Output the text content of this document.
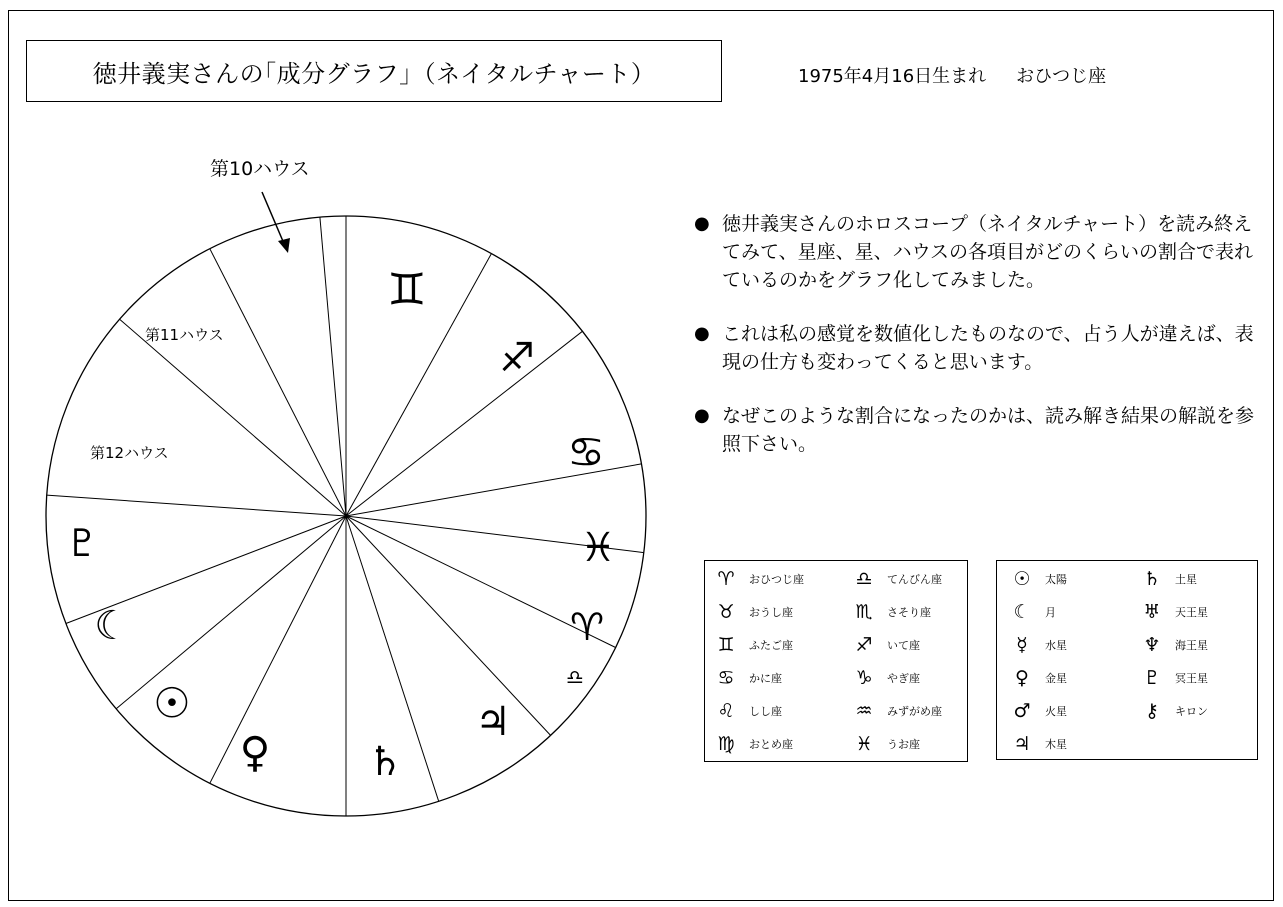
徳井義実さんの｢成分グラフ｣（ネイタルチャート）	1975年4月16日生まれ おひつじ座
♊
♐
♋
♓
♈
♎
♃
♄
♀
☉
☾
♇
第11ハウス
第12ハウス
第10ハウス
● 徳井義実さんのホロスコープ（ネイタルチャート）を読み終えてみて、星座、星、ハウスの各項目がどのくらいの割合で表れているのかをグラフ化してみました。
● これは私の感覚を数値化したものなので、占う人が違えば、表現の仕方も変わってくると思います。
● なぜこのような割合になったのかは、読み解き結果の解説を参照下さい。
♈	おひつじ座
♉	おうし座
♊	ふたご座
♋	かに座
♌	しし座
♍	おとめ座
♎	てんびん座
♏	さそり座
♐	いて座
♑	やぎ座
♒	みずがめ座
♓	うお座
☉	太陽
☾	月
☿	水星
♀	金星
♂	火星
♃	木星
♄	土星
♅	天王星
♆	海王星
♇	冥王星
⚷	キロン
